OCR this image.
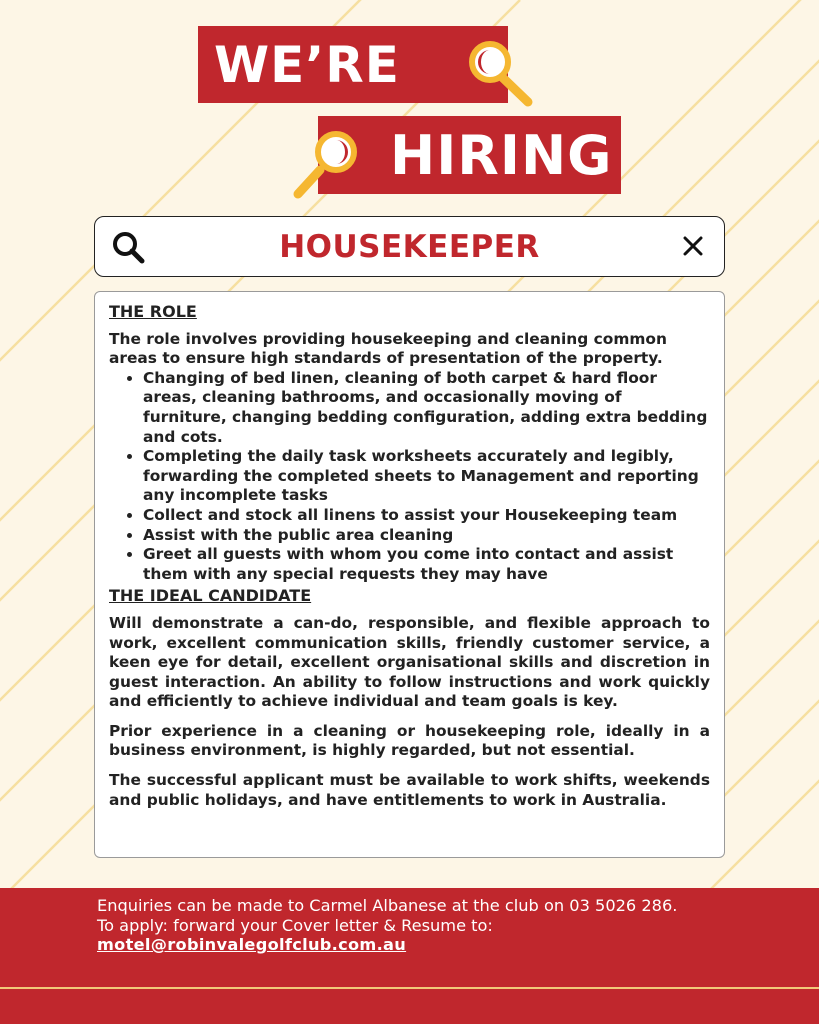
WE’RE
HIRING
HOUSEKEEPER
THE ROLE

The role involves providing housekeeping and cleaning common areas to ensure high standards of presentation of the property.

• Changing of bed linen, cleaning of both carpet & hard floor areas, cleaning bathrooms, and occasionally moving of furniture, changing bedding configuration, adding extra bedding and cots.
• Completing the daily task worksheets accurately and legibly, forwarding the completed sheets to Management and reporting any incomplete tasks
• Collect and stock all linens to assist your Housekeeping team
• Assist with the public area cleaning
• Greet all guests with whom you come into contact and assist them with any special requests they may have
THE IDEAL CANDIDATE

Will demonstrate a can-do, responsible, and flexible approach to work, excellent communication skills, friendly customer service, a keen eye for detail, excellent organisational skills and discretion in guest interaction. An ability to follow instructions and work quickly and efficiently to achieve individual and team goals is key.

Prior experience in a cleaning or housekeeping role, ideally in a business environment, is highly regarded, but not essential.

The successful applicant must be available to work shifts, weekends and public holidays, and have entitlements to work in Australia.

Enquiries can be made to Carmel Albanese at the club on 03 5026 286.
To apply: forward your Cover letter & Resume to:
motel@robinvalegolfclub.com.au
